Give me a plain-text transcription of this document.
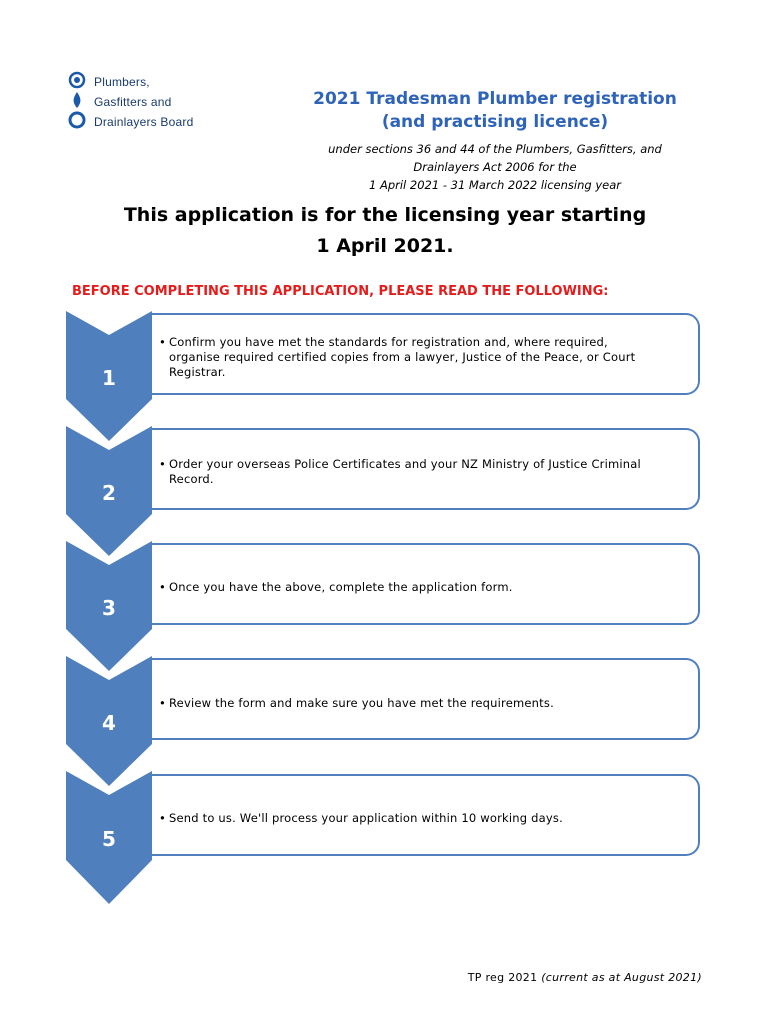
Plumbers,
Gasfitters and
Drainlayers Board
2021 Tradesman Plumber registration
(and practising licence)
under sections 36 and 44 of the Plumbers, Gasfitters, and
Drainlayers Act 2006 for the
1 April 2021 - 31 March 2022 licensing year
This application is for the licensing year starting
1 April 2021.
BEFORE COMPLETING THIS APPLICATION, PLEASE READ THE FOLLOWING:
1
2
3
4
5
• Confirm you have met the standards for registration and, where required,
organise required certified copies from a lawyer, Justice of the Peace, or Court
Registrar.
• Order your overseas Police Certificates and your NZ Ministry of Justice Criminal
Record.
• Once you have the above, complete the application form.
• Review the form and make sure you have met the requirements.
• Send to us. We'll process your application within 10 working days.
TP reg 2021 (current as at August 2021)
